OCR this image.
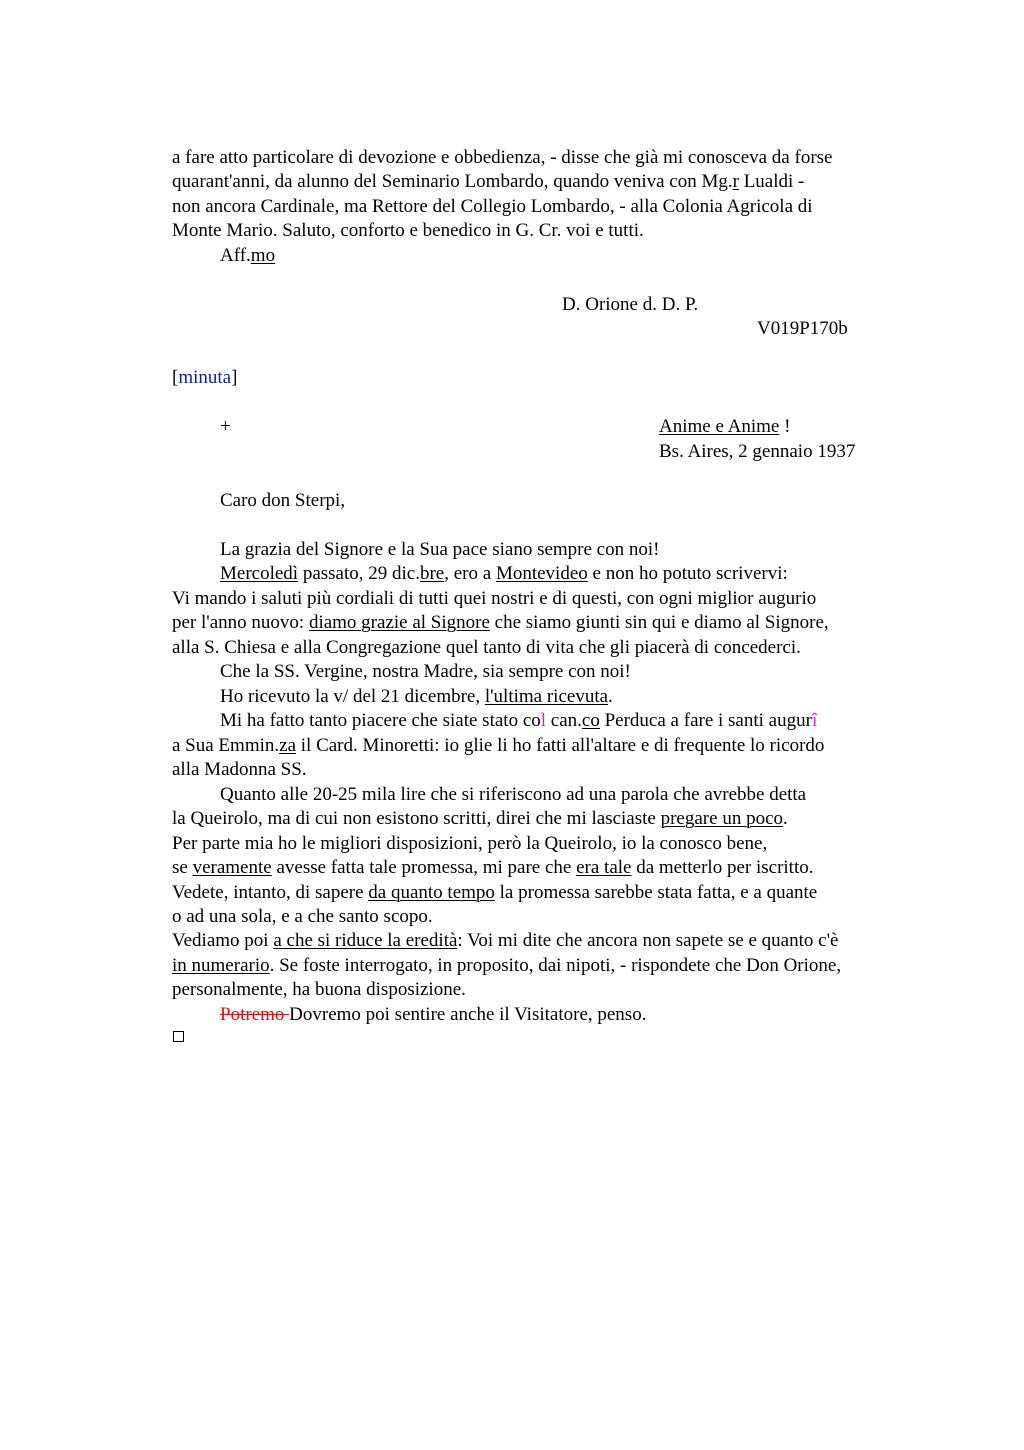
a fare atto particolare di devozione e obbedienza, - disse che già mi conosceva da forse
quarant'anni, da alunno del Seminario Lombardo, quando veniva con Mg.r Lualdi -
non ancora Cardinale, ma Rettore del Collegio Lombardo, - alla Colonia Agricola di
Monte Mario. Saluto, conforto e benedico in G. Cr. voi e tutti.
Aff.mo
D. Orione d. D. P.
V019P170b
[minuta]
+	Anime e Anime !
Bs. Aires, 2 gennaio 1937
Caro don Sterpi,
La grazia del Signore e la Sua pace siano sempre con noi!
Mercoledì passato, 29 dic.bre, ero a Montevideo e non ho potuto scrivervi:
Vi mando i saluti più cordiali di tutti quei nostri e di questi, con ogni miglior augurio
per l'anno nuovo: diamo grazie al Signore che siamo giunti sin qui e diamo al Signore,
alla S. Chiesa e alla Congregazione quel tanto di vita che gli piacerà di concederci.
Che la SS. Vergine, nostra Madre, sia sempre con noi!
Ho ricevuto la v/ del 21 dicembre, l'ultima ricevuta.
Mi ha fatto tanto piacere che siate stato col can.co Perduca a fare i santi augurî
a Sua Emmin.za il Card. Minoretti: io glie li ho fatti all'altare e di frequente lo ricordo
alla Madonna SS.
Quanto alle 20-25 mila lire che si riferiscono ad una parola che avrebbe detta
la Queirolo, ma di cui non esistono scritti, direi che mi lasciaste pregare un poco.
Per parte mia ho le migliori disposizioni, però la Queirolo, io la conosco bene,
se veramente avesse fatta tale promessa, mi pare che era tale da metterlo per iscritto.
Vedete, intanto, di sapere da quanto tempo la promessa sarebbe stata fatta, e a quante
o ad una sola, e a che santo scopo.
Vediamo poi a che si riduce la eredità: Voi mi dite che ancora non sapete se e quanto c'è
in numerario. Se foste interrogato, in proposito, dai nipoti, - rispondete che Don Orione,
personalmente, ha buona disposizione.
Potremo Dovremo poi sentire anche il Visitatore, penso.
